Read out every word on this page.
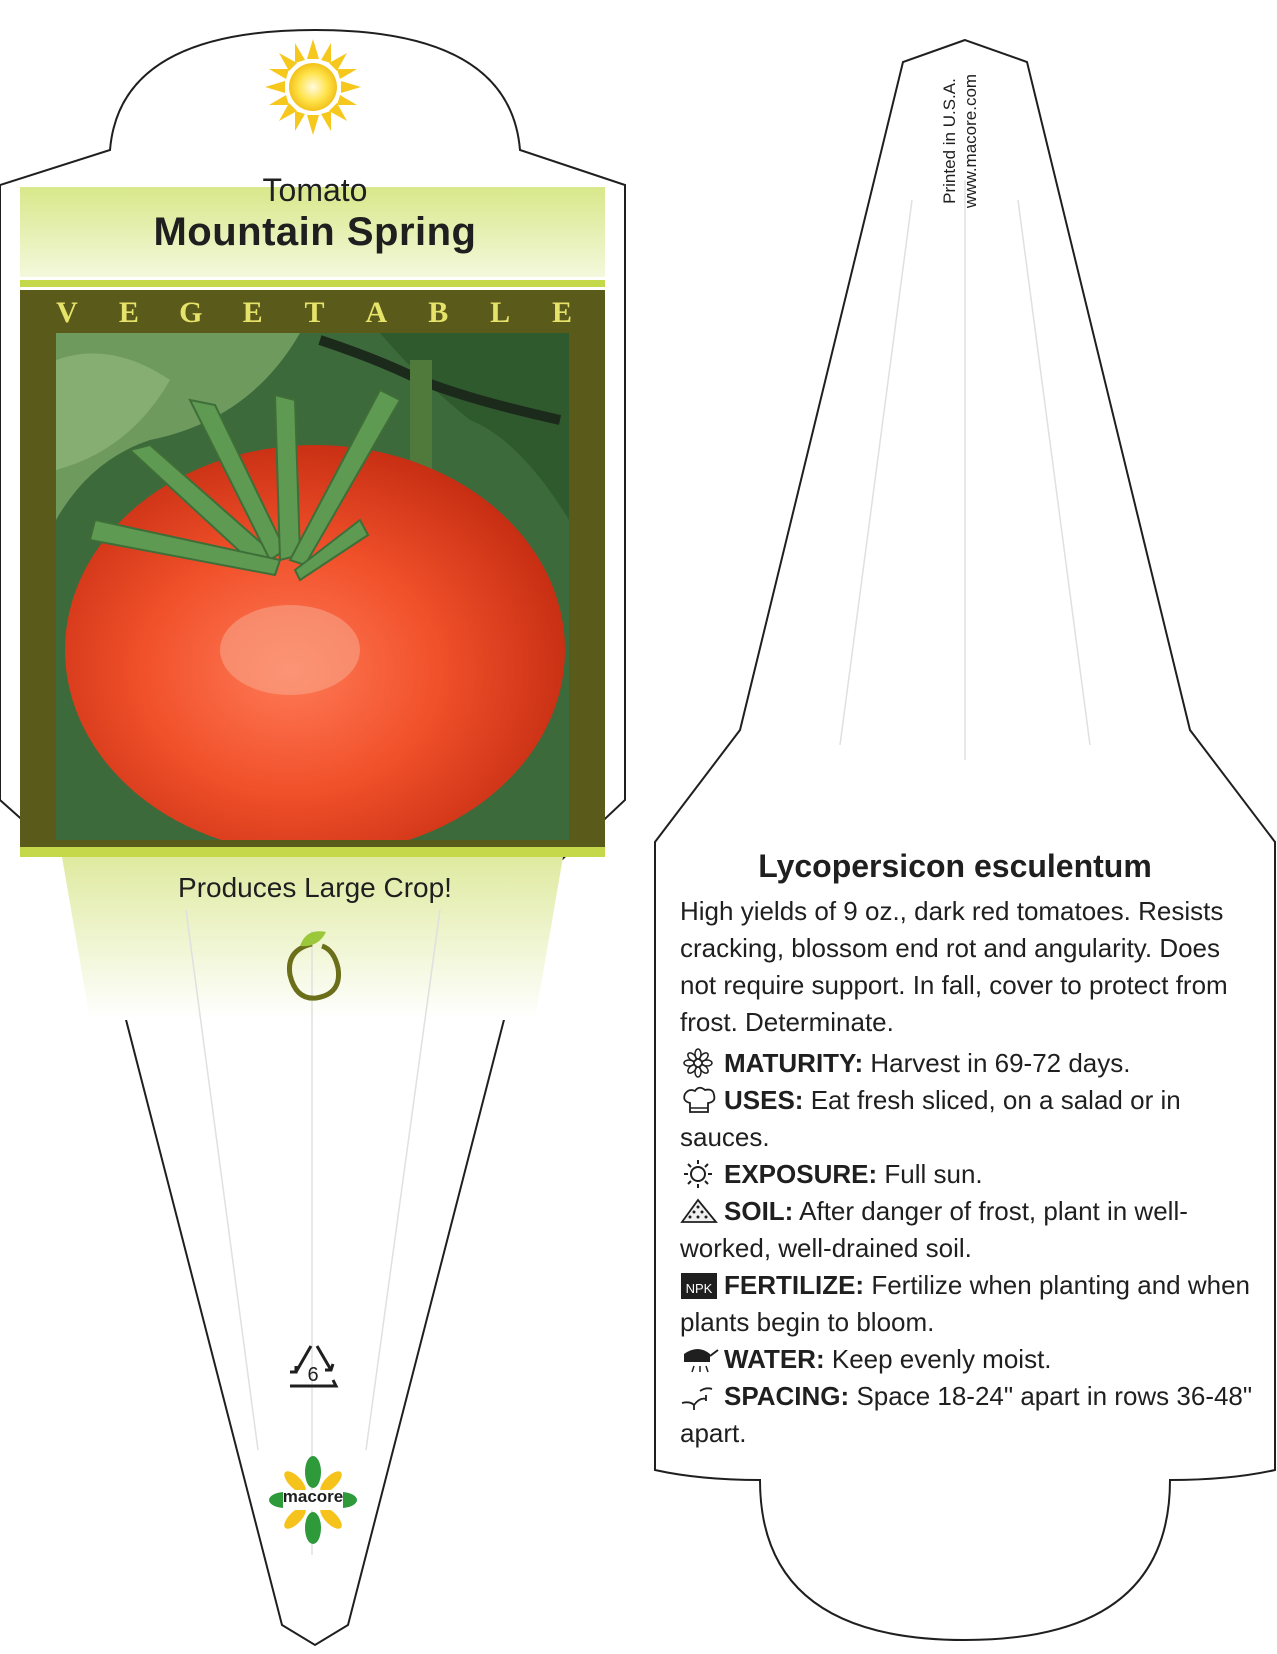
6

Tomato

Mountain Spring

V E G E T A B L E

Produces Large Crop!

macore

Printed in U.S.A. www.macore.com

Lycopersicon esculentum

High yields of 9 oz., dark red tomatoes. Resists cracking, blossom end rot and angularity. Does not require support. In fall, cover to protect from frost. Determinate.

MATURITY: Harvest in 69-72 days.

USES: Eat fresh sliced, on a salad or in sauces.

EXPOSURE: Full sun.

SOIL: After danger of frost, plant in well-worked, well-drained soil.

NPK FERTILIZE: Fertilize when planting and when plants begin to bloom.

WATER: Keep evenly moist.

SPACING: Space 18-24" apart in rows 36-48" apart.
